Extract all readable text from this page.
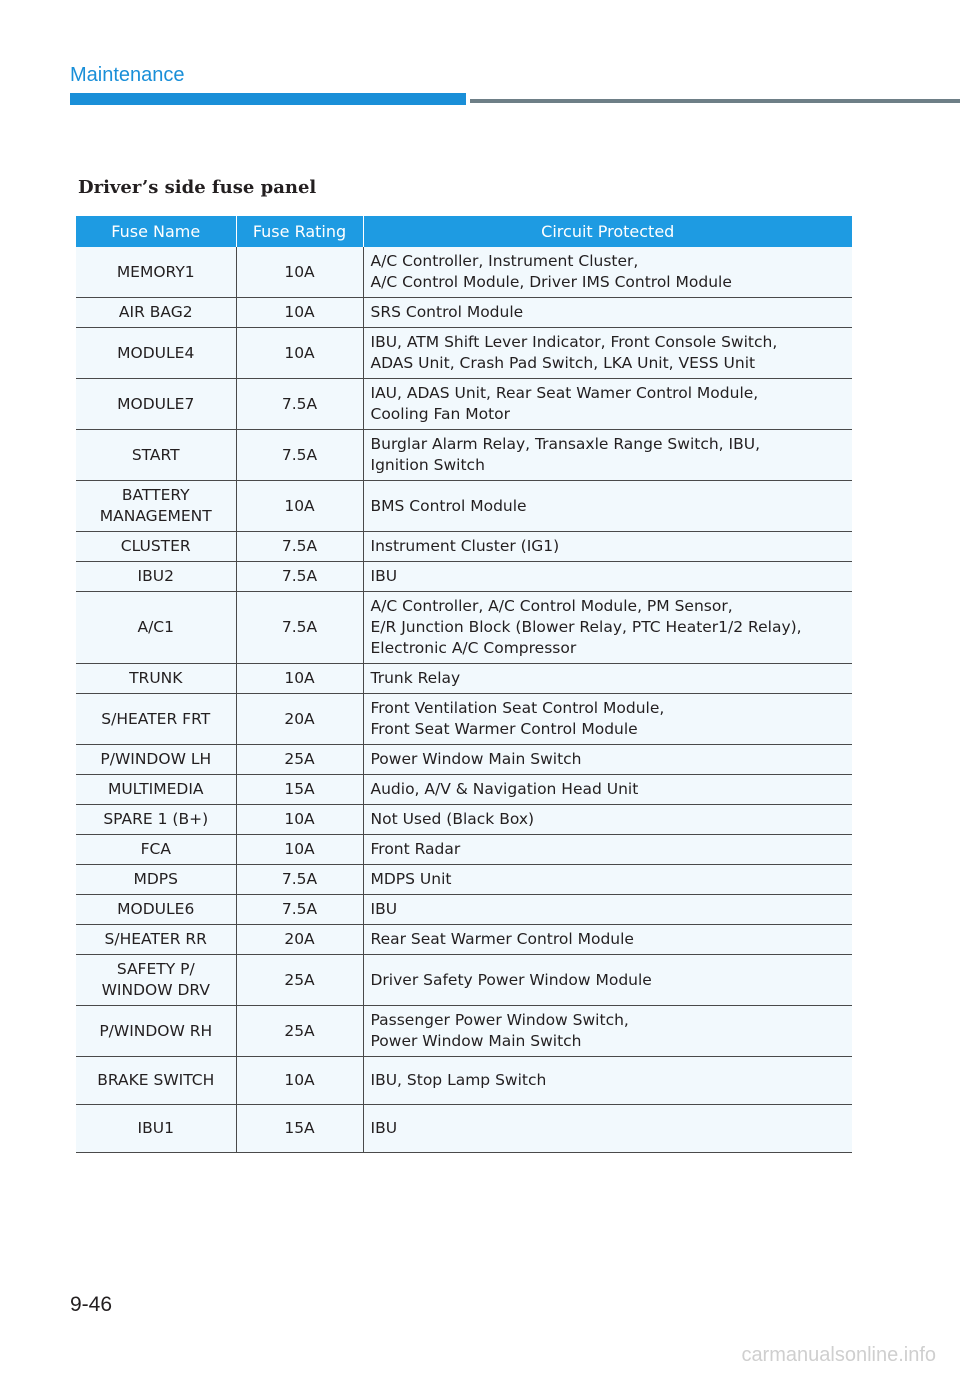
Maintenance
Driver’s side fuse panel
Fuse Name	Fuse Rating	Circuit Protected
MEMORY1	10A	A/C Controller, Instrument Cluster,
A/C Control Module, Driver IMS Control Module
AIR BAG2	10A	SRS Control Module
MODULE4	10A	IBU, ATM Shift Lever Indicator, Front Console Switch,
ADAS Unit, Crash Pad Switch, LKA Unit, VESS Unit
MODULE7	7.5A	IAU, ADAS Unit, Rear Seat Wamer Control Module,
Cooling Fan Motor
START	7.5A	Burglar Alarm Relay, Transaxle Range Switch, IBU,
Ignition Switch
BATTERY
MANAGEMENT	10A	BMS Control Module
CLUSTER	7.5A	Instrument Cluster (IG1)
IBU2	7.5A	IBU
A/C1	7.5A	A/C Controller, A/C Control Module, PM Sensor,
E/R Junction Block (Blower Relay, PTC Heater1/2 Relay),
Electronic A/C Compressor
TRUNK	10A	Trunk Relay
S/HEATER FRT	20A	Front Ventilation Seat Control Module,
Front Seat Warmer Control Module
P/WINDOW LH	25A	Power Window Main Switch
MULTIMEDIA	15A	Audio, A/V & Navigation Head Unit
SPARE 1 (B+)	10A	Not Used (Black Box)
FCA	10A	Front Radar
MDPS	7.5A	MDPS Unit
MODULE6	7.5A	IBU
S/HEATER RR	20A	Rear Seat Warmer Control Module
SAFETY P/
WINDOW DRV	25A	Driver Safety Power Window Module
P/WINDOW RH	25A	Passenger Power Window Switch,
Power Window Main Switch
BRAKE SWITCH	10A	IBU, Stop Lamp Switch
IBU1	15A	IBU
9-46
carmanualsonline.info
